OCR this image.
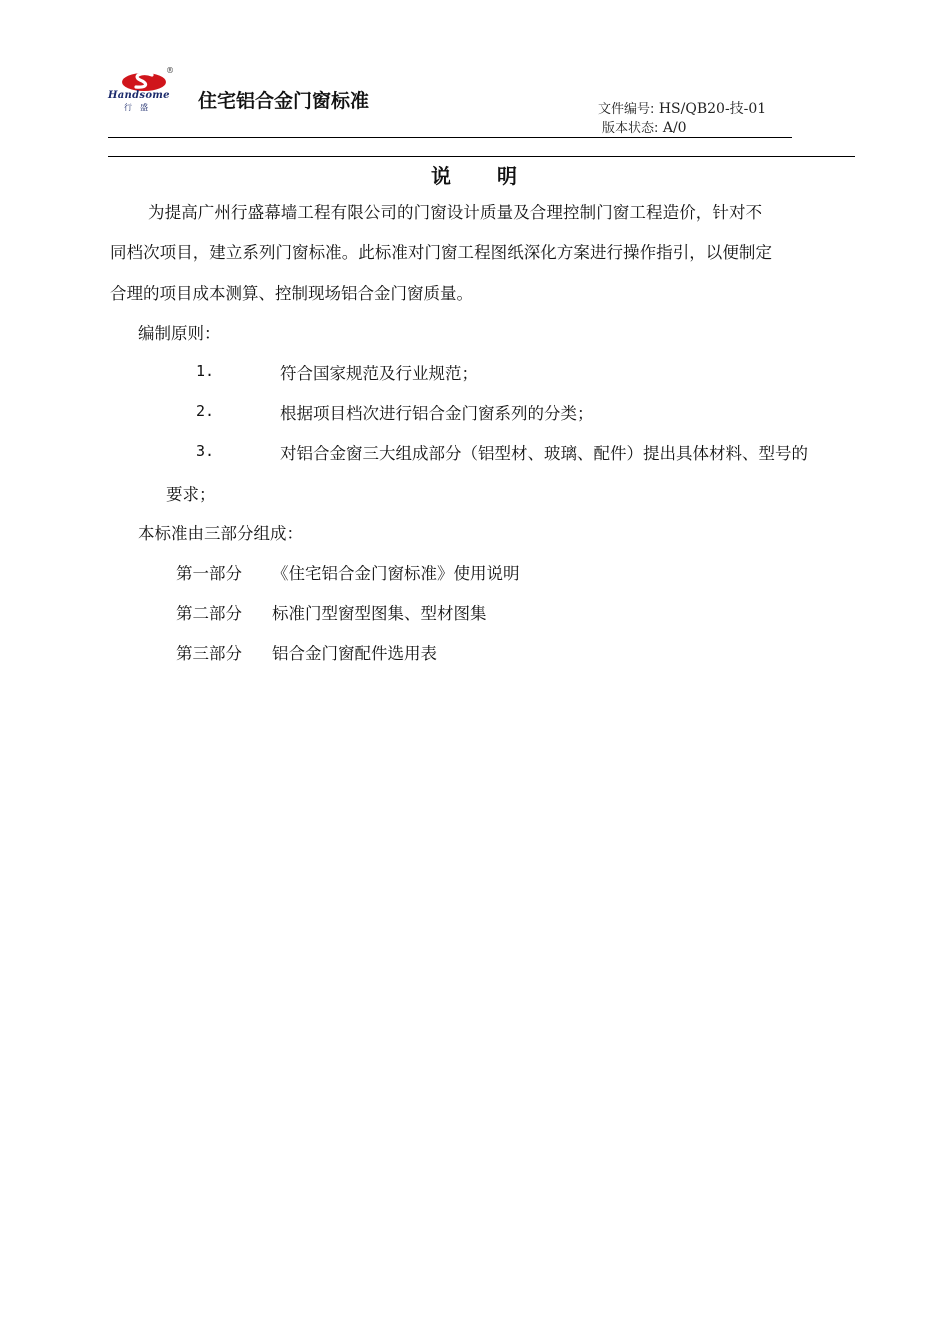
®
Handsome
行盛 住宅铝合金门窗标准	文件编号: HS/QB20-技-01
版本状态: A/0
说 明
为提高广州行盛幕墙工程有限公司的门窗设计质量及合理控制门窗工程造价，针对不
同档次项目，建立系列门窗标准。此标准对门窗工程图纸深化方案进行操作指引，以便制定
合理的项目成本测算、控制现场铝合金门窗质量。
编制原则：
1.	符合国家规范及行业规范；
2.	根据项目档次进行铝合金门窗系列的分类；
3.	对铝合金窗三大组成部分（铝型材、玻璃、配件）提出具体材料、型号的
要求；
本标准由三部分组成：
第一部分 《住宅铝合金门窗标准》使用说明
第二部分 标准门型窗型图集、型材图集
第三部分 铝合金门窗配件选用表
